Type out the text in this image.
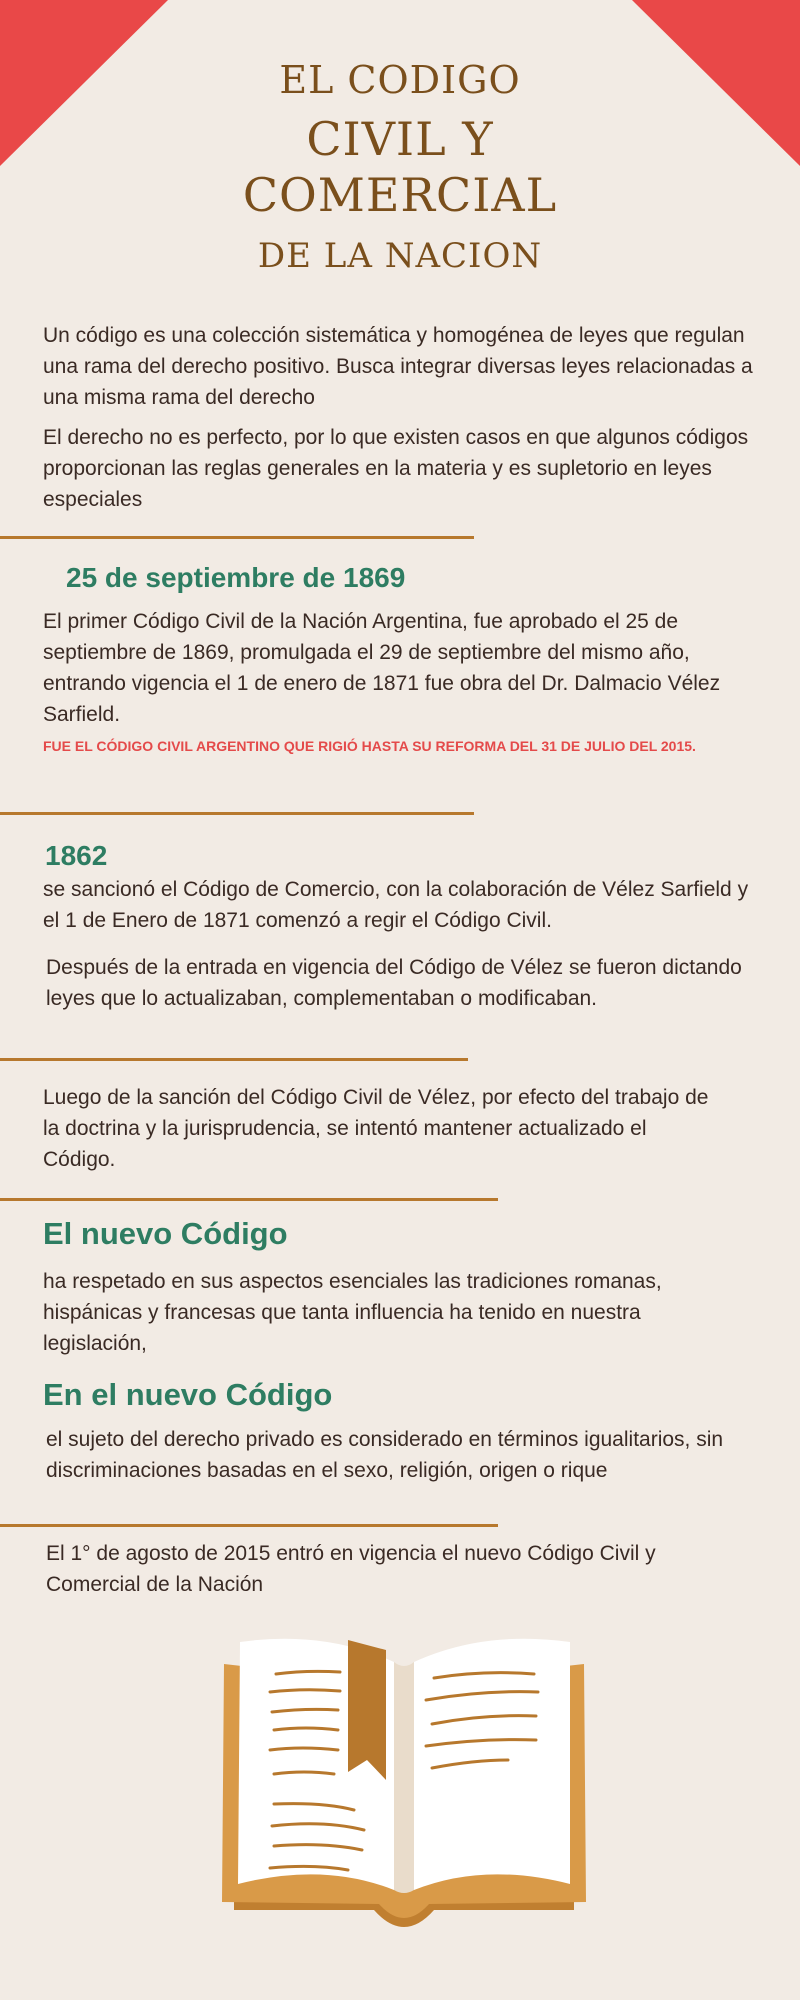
EL CODIGO
CIVIL Y
COMERCIAL
DE LA NACION

Un código es una colección sistemática y homogénea de leyes que regulan una rama del derecho positivo. Busca integrar diversas leyes relacionadas a una misma rama del derecho

El derecho no es perfecto, por lo que existen casos en que algunos códigos proporcionan las reglas generales en la materia y es supletorio en leyes especiales

25 de septiembre de 1869

El primer Código Civil de la Nación Argentina, fue aprobado el 25 de septiembre de 1869, promulgada el 29 de septiembre del mismo año, entrando vigencia el 1 de enero de 1871 fue obra del Dr. Dalmacio Vélez Sarfield.

FUE EL CÓDIGO CIVIL ARGENTINO QUE RIGIÓ HASTA SU REFORMA DEL 31 DE JULIO DEL 2015.

1862

se sancionó el Código de Comercio, con la colaboración de Vélez Sarfield y el 1 de Enero de 1871 comenzó a regir el Código Civil.

Después de la entrada en vigencia del Código de Vélez se fueron dictando leyes que lo actualizaban, complementaban o modificaban.

Luego de la sanción del Código Civil de Vélez, por efecto del trabajo de la doctrina y la jurisprudencia, se intentó mantener actualizado el Código.

El nuevo Código

ha respetado en sus aspectos esenciales las tradiciones romanas, hispánicas y francesas que tanta influencia ha tenido en nuestra legislación,

En el nuevo Código

el sujeto del derecho privado es considerado en términos igualitarios, sin discriminaciones basadas en el sexo, religión, origen o rique

El 1° de agosto de 2015 entró en vigencia el nuevo Código Civil y Comercial de la Nación
